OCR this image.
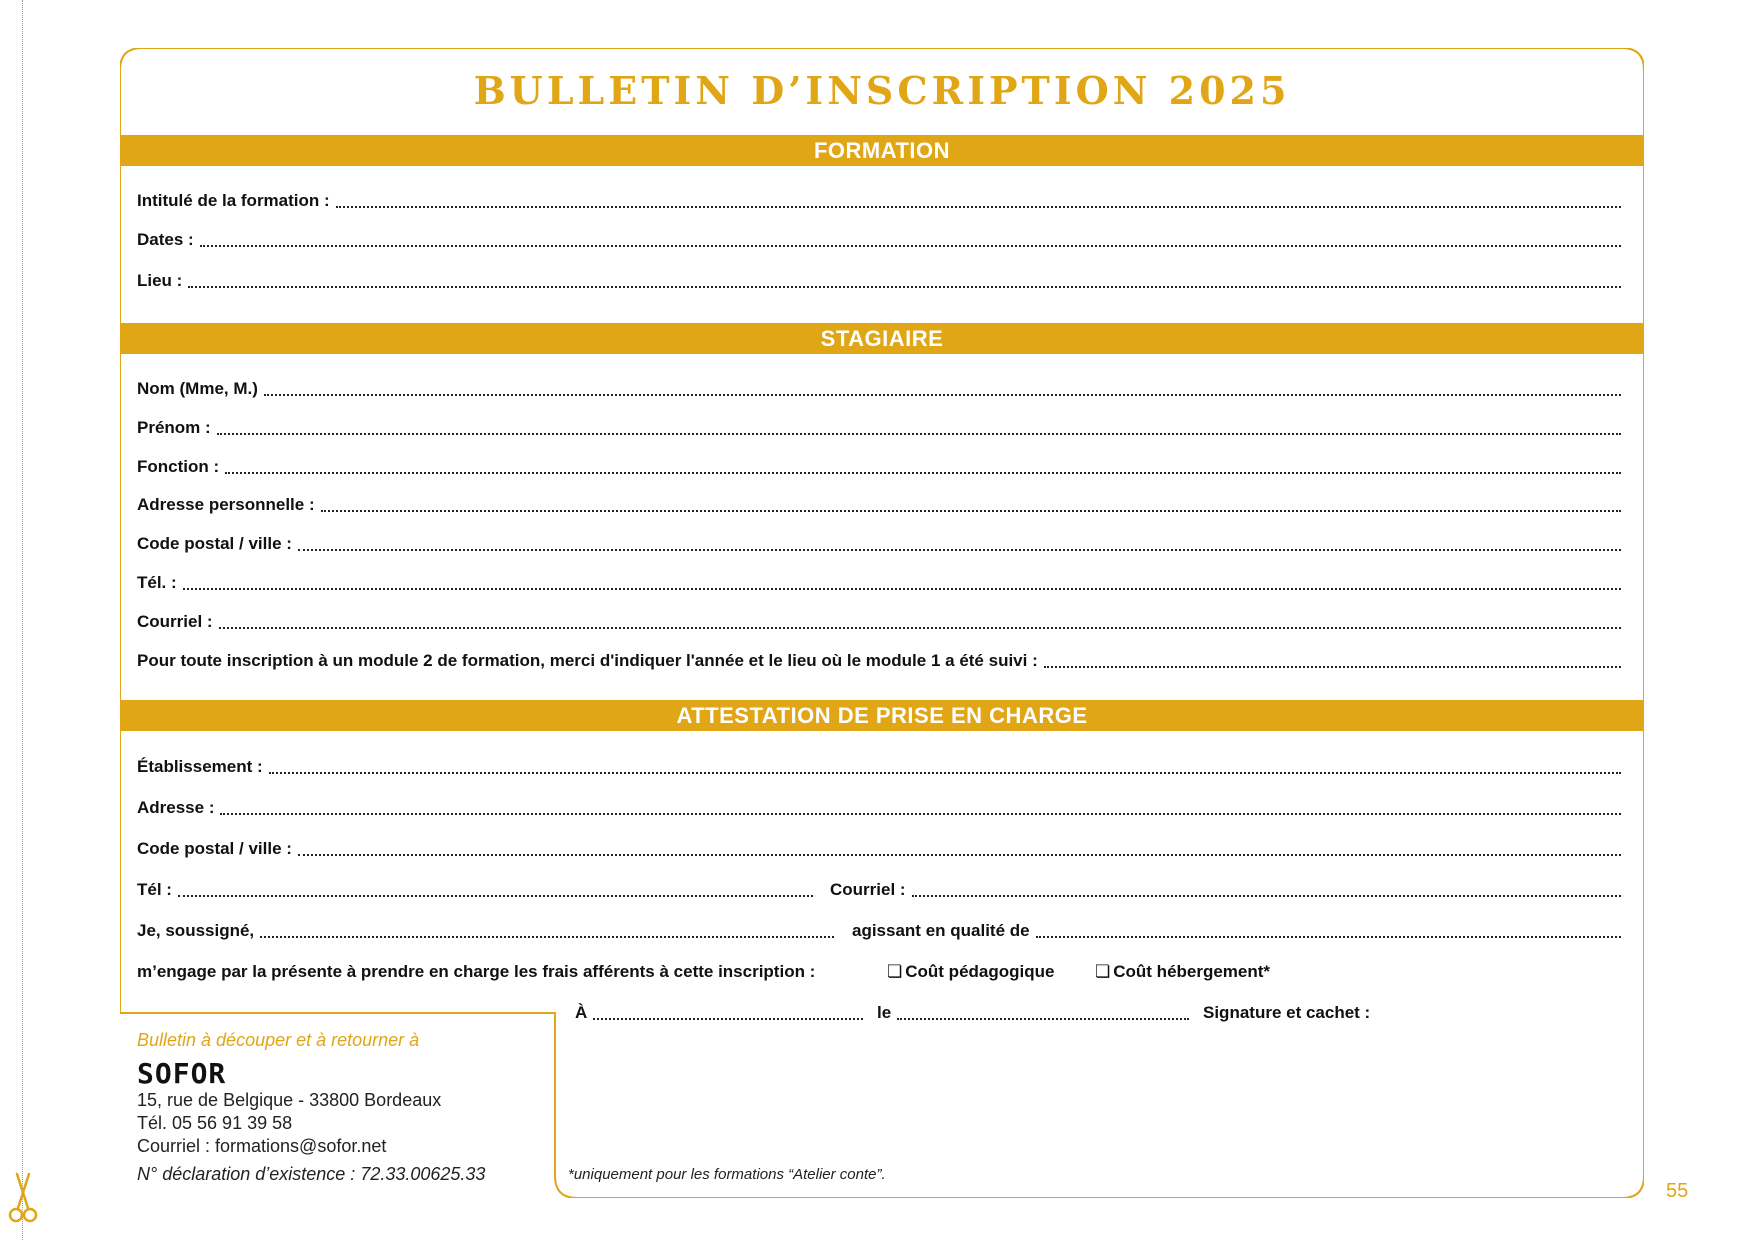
BULLETIN D’INSCRIPTION 2025
FORMATION
Intitulé de la formation :
Dates :
Lieu :
STAGIAIRE
Nom (Mme, M.)
Prénom :
Fonction :
Adresse personnelle :
Code postal / ville :
Tél. :
Courriel :
Pour toute inscription à un module 2 de formation, merci d'indiquer l'année et le lieu où le module 1 a été suivi :
ATTESTATION DE PRISE EN CHARGE
Établissement :
Adresse :
Code postal / ville :
Tél :	Courriel :
Je, soussigné,	agissant en qualité de
m’engage par la présente à prendre en charge les frais afférents à cette inscription :	❏ Coût pédagogique ❏ Coût hébergement*
À	le	Signature et cachet :

Bulletin à découper et à retourner à

SOFOR

15, rue de Belgique - 33800 Bordeaux

Tél. 05 56 91 39 58

Courriel : formations@sofor.net

N° déclaration d’existence : 72.33.00625.33	*uniquement pour les formations “Atelier conte”.
55
